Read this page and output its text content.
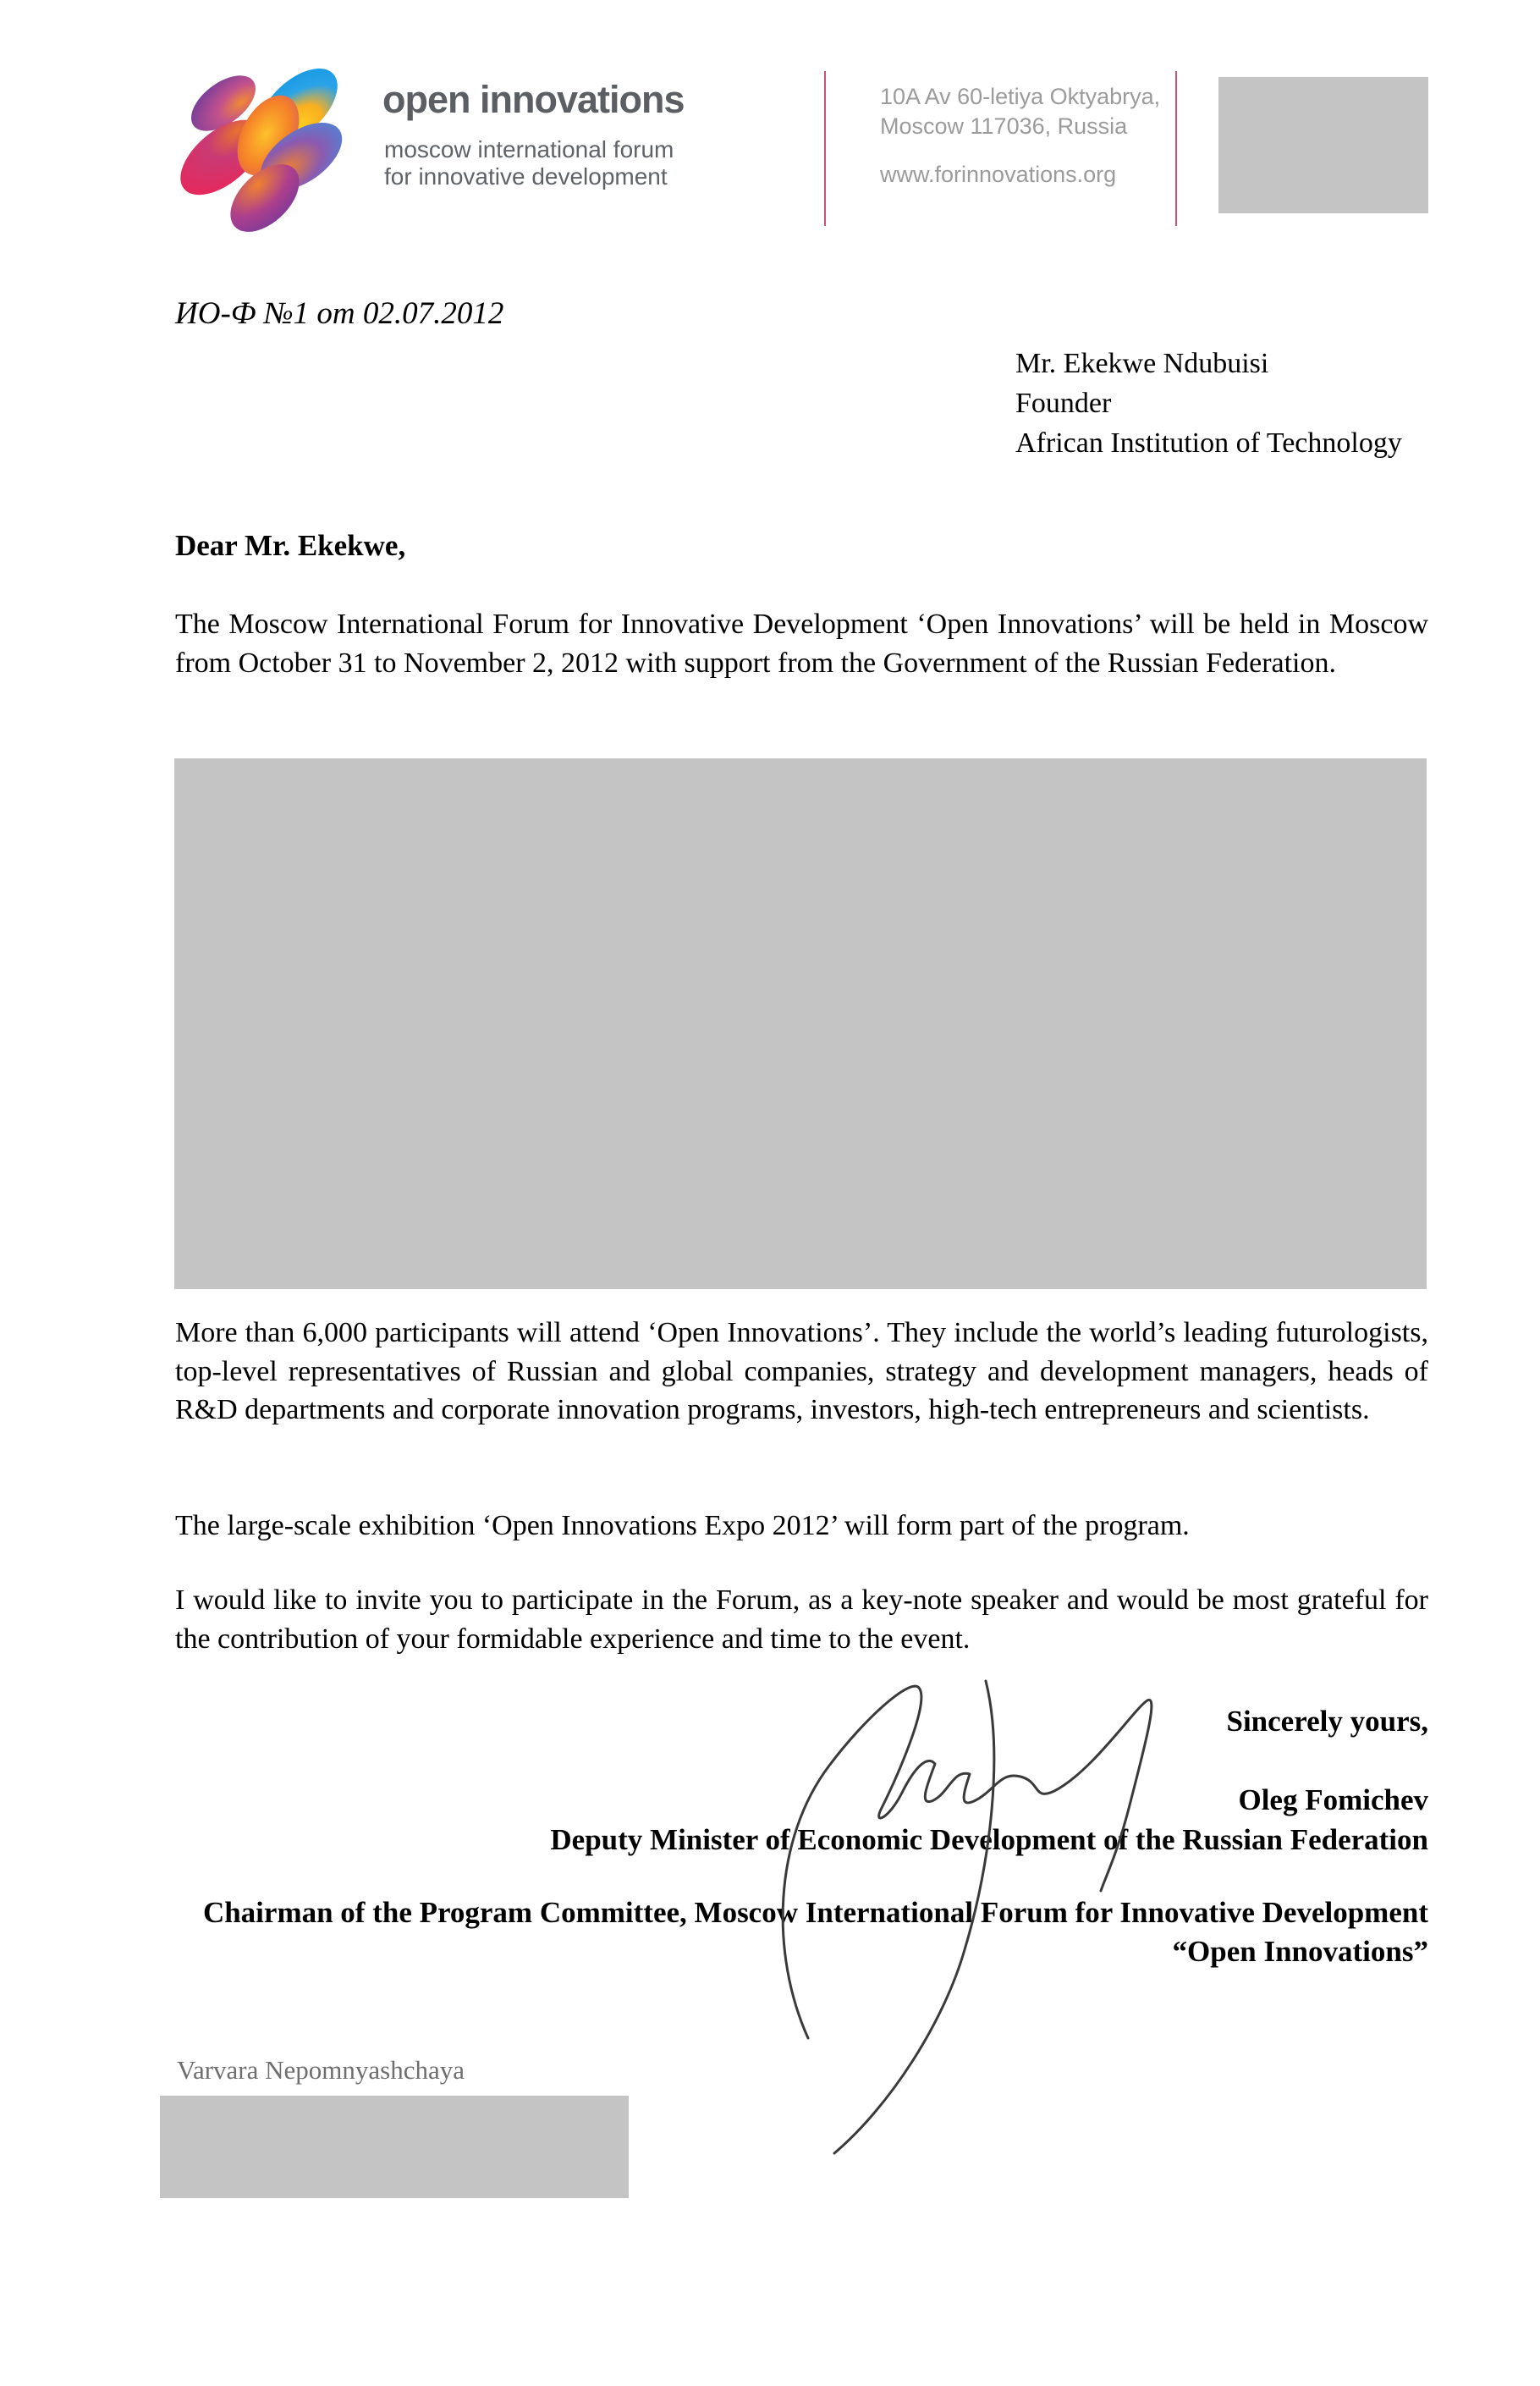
open innovations
moscow international forum
for innovative development
10A Av 60-letiya Oktyabrya,
Moscow 117036, Russia
www.forinnovations.org
ИО-Ф №1 от 02.07.2012
Mr. Ekekwe Ndubuisi
Founder
African Institution of Technology
Dear Mr. Ekekwe,
The Moscow International Forum for Innovative Development ‘Open Innovations’ will be held in Moscow from October 31 to November 2, 2012 with support from the Government of the Russian Federation.
More than 6,000 participants will attend ‘Open Innovations’. They include the world’s leading futurologists, top-level representatives of Russian and global companies, strategy and development managers, heads of R&D departments and corporate innovation programs, investors, high-tech entrepreneurs and scientists.
The large-scale exhibition ‘Open Innovations Expo 2012’ will form part of the program.
I would like to invite you to participate in the Forum, as a key-note speaker and would be most grateful for the contribution of your formidable experience and time to the event.
Sincerely yours,
Oleg Fomichev
Deputy Minister of Economic Development of the Russian Federation
Chairman of the Program Committee, Moscow International Forum for Innovative Development “Open Innovations”
Varvara Nepomnyashchaya
